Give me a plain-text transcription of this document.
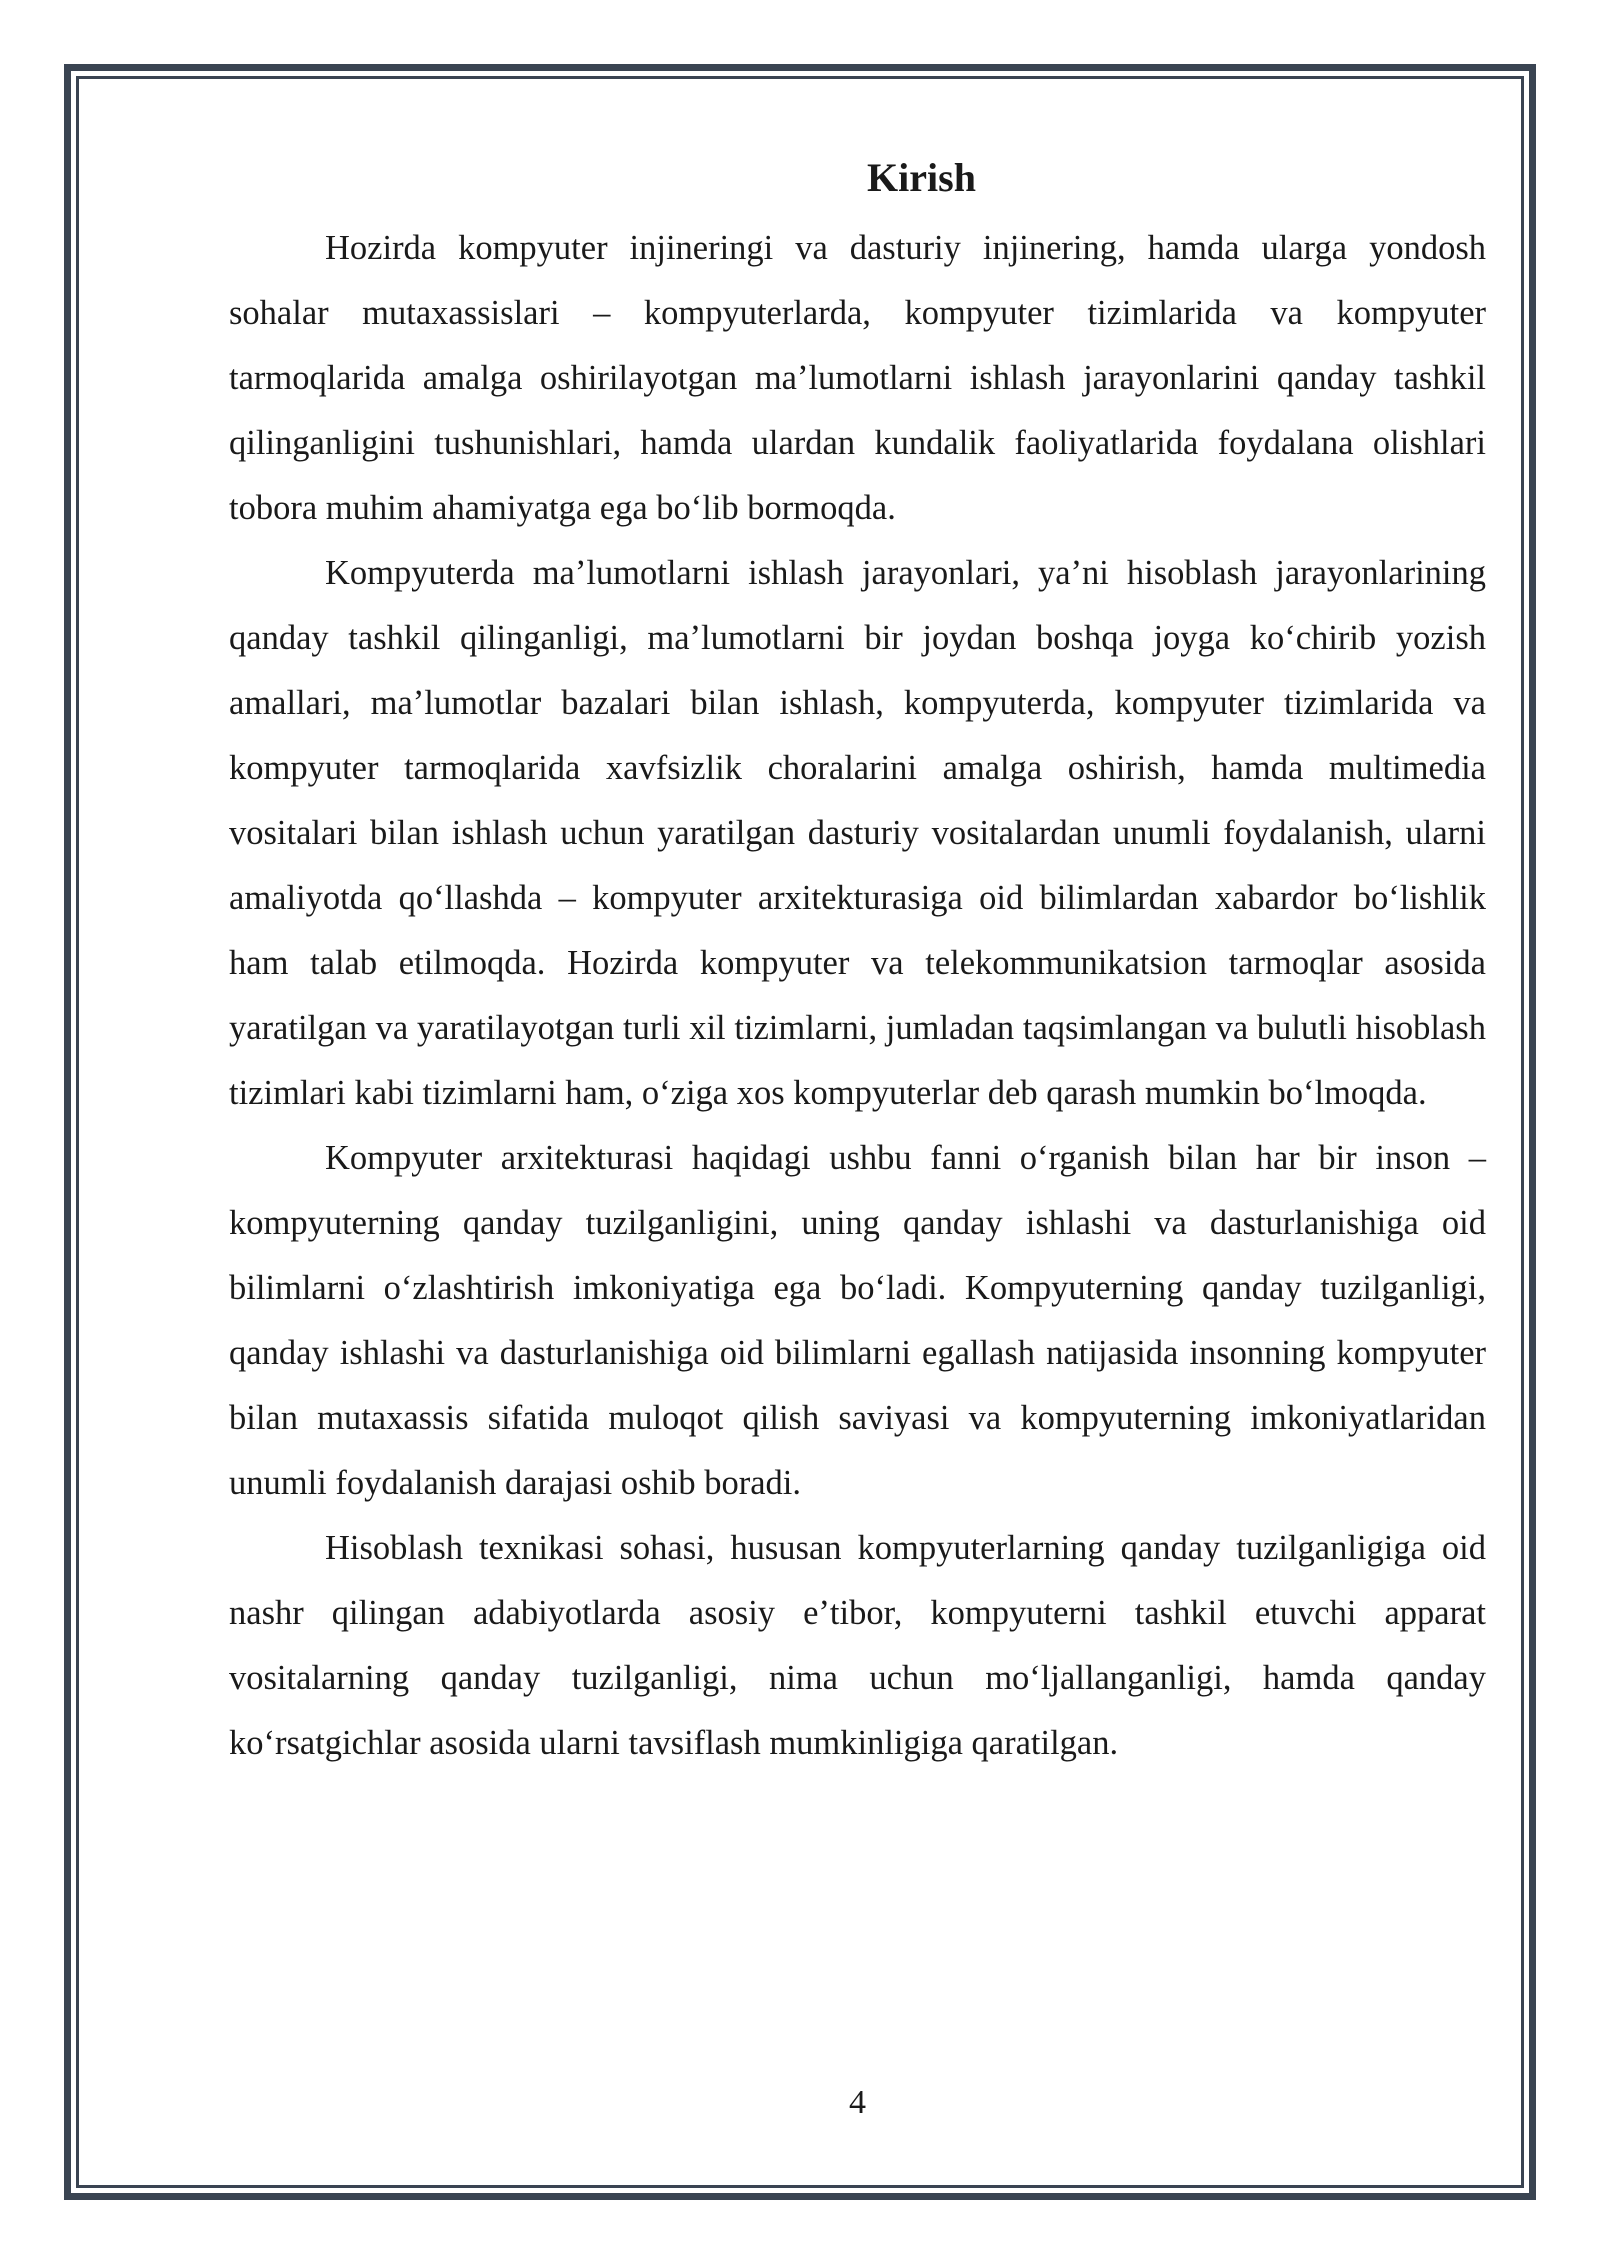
Kirish

Hozirda kompyuter injineringi va dasturiy injinering, hamda ularga yondosh sohalar mutaxassislari – kompyuterlarda, kompyuter tizimlarida va kompyuter tarmoqlarida amalga oshirilayotgan maʼlumotlarni ishlash jarayonlarini qanday tashkil qilinganligini tushunishlari, hamda ulardan kundalik faoliyatlarida foydalana olishlari tobora muhim ahamiyatga ega boʻlib bormoqda.

Kompyuterda maʼlumotlarni ishlash jarayonlari, yaʼni hisoblash jarayonlarining qanday tashkil qilinganligi, maʼlumotlarni bir joydan boshqa joyga koʻchirib yozish amallari, maʼlumotlar bazalari bilan ishlash, kompyuterda, kompyuter tizimlarida va kompyuter tarmoqlarida xavfsizlik choralarini amalga oshirish, hamda multimedia vositalari bilan ishlash uchun yaratilgan dasturiy vositalardan unumli foydalanish, ularni amaliyotda qoʻllashda – kompyuter arxitekturasiga oid bilimlardan xabardor boʻlishlik ham talab etilmoqda. Hozirda kompyuter va telekommunikatsion tarmoqlar asosida yaratilgan va yaratilayotgan turli xil tizimlarni, jumladan taqsimlangan va bulutli hisoblash tizimlari kabi tizimlarni ham, oʻziga xos kompyuterlar deb qarash mumkin boʻlmoqda.

Kompyuter arxitekturasi haqidagi ushbu fanni oʻrganish bilan har bir inson – kompyuterning qanday tuzilganligini, uning qanday ishlashi va dasturlanishiga oid bilimlarni oʻzlashtirish imkoniyatiga ega boʻladi. Kompyuterning qanday tuzilganligi, qanday ishlashi va dasturlanishiga oid bilimlarni egallash natijasida insonning kompyuter bilan mutaxassis sifatida muloqot qilish saviyasi va kompyuterning imkoniyatlaridan unumli foydalanish darajasi oshib boradi.

Hisoblash texnikasi sohasi, hususan kompyuterlarning qanday tuzilganligiga oid nashr qilingan adabiyotlarda asosiy eʼtibor, kompyuterni tashkil etuvchi apparat vositalarning qanday tuzilganligi, nima uchun moʻljallanganligi, hamda qanday koʻrsatgichlar asosida ularni tavsiflash mumkinligiga qaratilgan.

4
